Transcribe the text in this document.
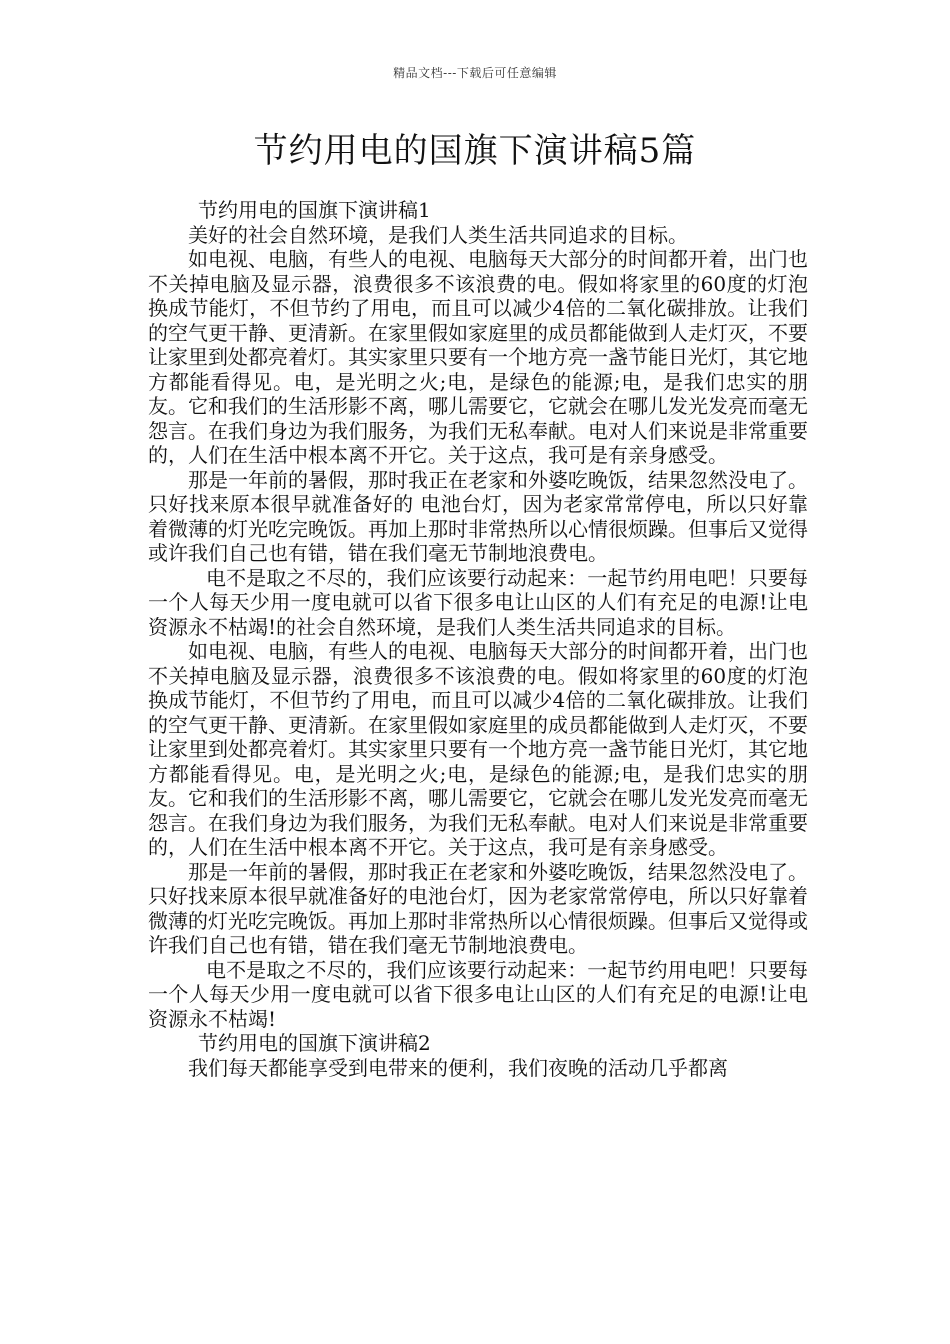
精品文档---下载后可任意编辑
节约用电的国旗下演讲稿5篇

节约用电的国旗下演讲稿1

美好的社会自然环境，是我们人类生活共同追求的目标。

如电视、电脑，有些人的电视、电脑每天大部分的时间都开着，出门也不关掉电脑及显示器，浪费很多不该浪费的电。假如将家里的60度的灯泡换成节能灯，不但节约了用电，而且可以减少4倍的二氧化碳排放。让我们的空气更干静、更清新。在家里假如家庭里的成员都能做到人走灯灭，不要让家里到处都亮着灯。其实家里只要有一个地方亮一盏节能日光灯，其它地方都能看得见。电，是光明之火;电，是绿色的能源;电，是我们忠实的朋友。它和我们的生活形影不离，哪儿需要它，它就会在哪儿发光发亮而毫无怨言。在我们身边为我们服务，为我们无私奉献。电对人们来说是非常重要的，人们在生活中根本离不开它。关于这点，我可是有亲身感受。

那是一年前的暑假，那时我正在老家和外婆吃晚饭，结果忽然没电了。只好找来原本很早就准备好的 电池台灯，因为老家常常停电，所以只好靠着微薄的灯光吃完晚饭。再加上那时非常热所以心情很烦躁。但事后又觉得或许我们自己也有错，错在我们毫无节制地浪费电。

电不是取之不尽的，我们应该要行动起来：一起节约用电吧！只要每一个人每天少用一度电就可以省下很多电让山区的人们有充足的电源!让电资源永不枯竭!的社会自然环境，是我们人类生活共同追求的目标。

如电视、电脑，有些人的电视、电脑每天大部分的时间都开着，出门也不关掉电脑及显示器，浪费很多不该浪费的电。假如将家里的60度的灯泡换成节能灯，不但节约了用电，而且可以减少4倍的二氧化碳排放。让我们的空气更干静、更清新。在家里假如家庭里的成员都能做到人走灯灭，不要让家里到处都亮着灯。其实家里只要有一个地方亮一盏节能日光灯，其它地方都能看得见。电，是光明之火;电，是绿色的能源;电，是我们忠实的朋友。它和我们的生活形影不离，哪儿需要它，它就会在哪儿发光发亮而毫无怨言。在我们身边为我们服务，为我们无私奉献。电对人们来说是非常重要的，人们在生活中根本离不开它。关于这点，我可是有亲身感受。

那是一年前的暑假，那时我正在老家和外婆吃晚饭，结果忽然没电了。只好找来原本很早就准备好的电池台灯，因为老家常常停电，所以只好靠着微薄的灯光吃完晚饭。再加上那时非常热所以心情很烦躁。但事后又觉得或许我们自己也有错，错在我们毫无节制地浪费电。

电不是取之不尽的，我们应该要行动起来：一起节约用电吧！只要每一个人每天少用一度电就可以省下很多电让山区的人们有充足的电源!让电资源永不枯竭!

节约用电的国旗下演讲稿2

我们每天都能享受到电带来的便利，我们夜晚的活动几乎都离
